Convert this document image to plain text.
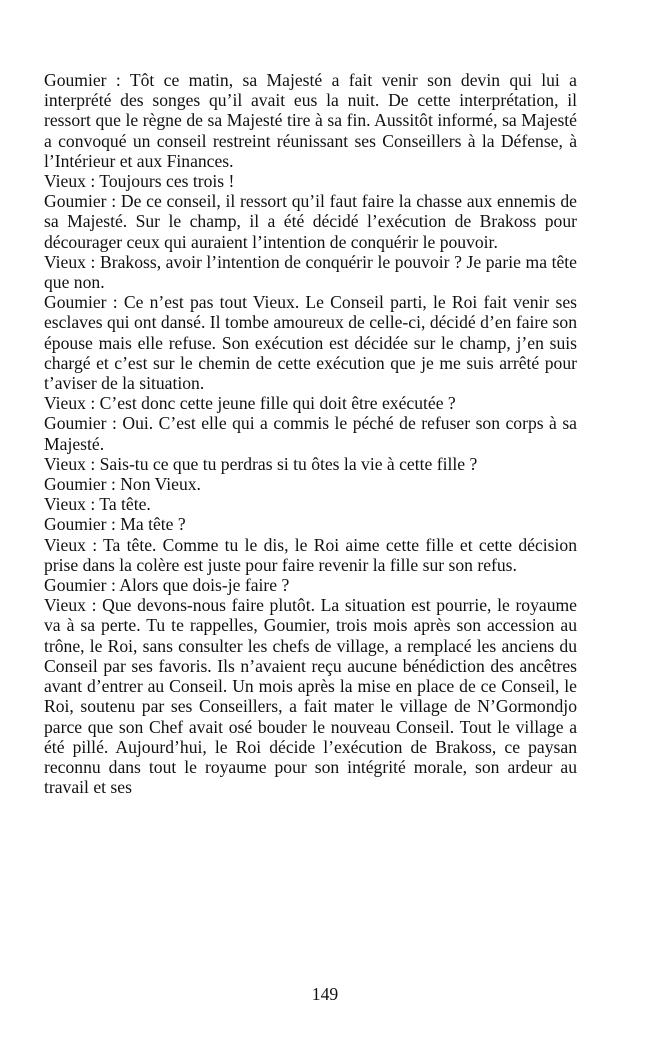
Goumier : Tôt ce matin, sa Majesté a fait venir son devin qui lui a interprété des songes qu’il avait eus la nuit. De cette interprétation, il ressort que le règne de sa Majesté tire à sa fin. Aussitôt informé, sa Majesté a convoqué un conseil restreint réunissant ses Conseillers à la Défense, à l’Intérieur et aux Finances.

Vieux : Toujours ces trois !

Goumier : De ce conseil, il ressort qu’il faut faire la chasse aux ennemis de sa Majesté. Sur le champ, il a été décidé l’exécution de Brakoss pour décourager ceux qui auraient l’intention de conquérir le pouvoir.

Vieux : Brakoss, avoir l’intention de conquérir le pouvoir ? Je parie ma tête que non.

Goumier : Ce n’est pas tout Vieux. Le Conseil parti, le Roi fait venir ses esclaves qui ont dansé. Il tombe amoureux de celle-ci, décidé d’en faire son épouse mais elle refuse. Son exécution est décidée sur le champ, j’en suis chargé et c’est sur le chemin de cette exécution que je me suis arrêté pour t’aviser de la situation.

Vieux : C’est donc cette jeune fille qui doit être exécutée ?

Goumier : Oui. C’est elle qui a commis le péché de refuser son corps à sa Majesté.

Vieux : Sais-tu ce que tu perdras si tu ôtes la vie à cette fille ?

Goumier : Non Vieux.

Vieux : Ta tête.

Goumier : Ma tête ?

Vieux : Ta tête. Comme tu le dis, le Roi aime cette fille et cette décision prise dans la colère est juste pour faire revenir la fille sur son refus.

Goumier : Alors que dois-je faire ?

Vieux : Que devons-nous faire plutôt. La situation est pourrie, le royaume va à sa perte. Tu te rappelles, Goumier, trois mois après son accession au trône, le Roi, sans consulter les chefs de village, a remplacé les anciens du Conseil par ses favoris. Ils n’avaient reçu aucune bénédiction des ancêtres avant d’entrer au Conseil. Un mois après la mise en place de ce Conseil, le Roi, soutenu par ses Conseillers, a fait mater le village de N’Gormondjo parce que son Chef avait osé bouder le nouveau Conseil. Tout le village a été pillé. Aujourd’hui, le Roi décide l’exécution de Brakoss, ce paysan reconnu dans tout le royaume pour son intégrité morale, son ardeur au travail et ses

149
